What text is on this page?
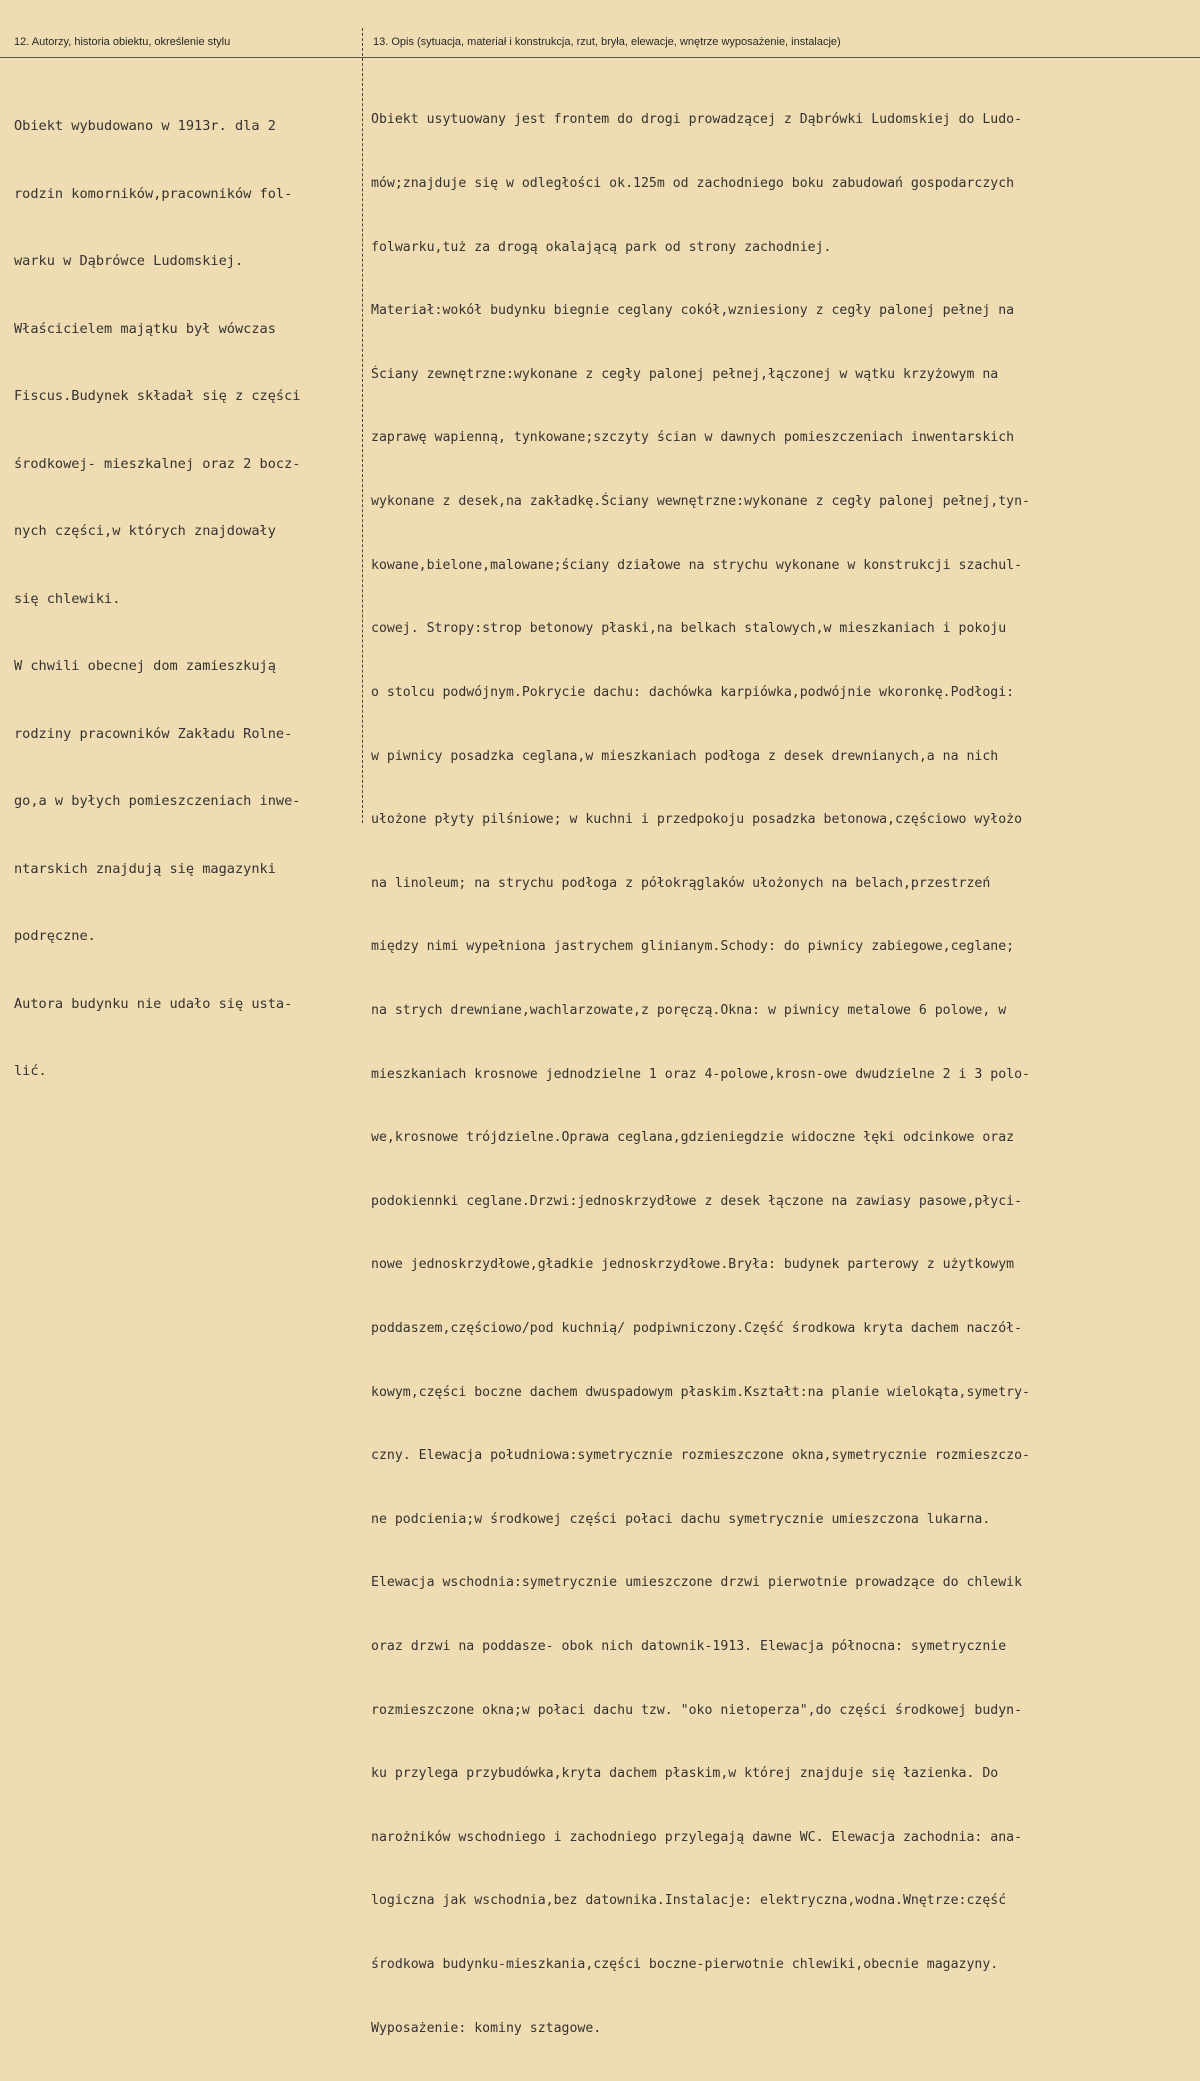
12. Autorzy, historia obiektu, określenie stylu	13. Opis (sytuacja, materiał i konstrukcja, rzut, bryła, elewacje, wnętrze wyposażenie, instalacje)

Obiekt wybudowano w 1913r. dla 2

rodzin komorników,pracowników fol-

warku w Dąbrówce Ludomskiej.

Właścicielem majątku był wówczas

Fiscus.Budynek składał się z części

środkowej- mieszkalnej oraz 2 bocz-

nych części,w których znajdowały

się chlewiki.

W chwili obecnej dom zamieszkują

rodziny pracowników Zakładu Rolne-

go,a w byłych pomieszczeniach inwe-

ntarskich znajdują się magazynki

podręczne.

Autora budynku nie udało się usta-

lić.

Obiekt usytuowany jest frontem do drogi prowadzącej z Dąbrówki Ludomskiej do Ludo-

mów;znajduje się w odległości ok.125m od zachodniego boku zabudowań gospodarczych

folwarku,tuż za drogą okalającą park od strony zachodniej.

Materiał:wokół budynku biegnie ceglany cokół,wzniesiony z cegły palonej pełnej na

Ściany zewnętrzne:wykonane z cegły palonej pełnej,łączonej w wątku krzyżowym na

zaprawę wapienną, tynkowane;szczyty ścian w dawnych pomieszczeniach inwentarskich

wykonane z desek,na zakładkę.Ściany wewnętrzne:wykonane z cegły palonej pełnej,tyn-

kowane,bielone,malowane;ściany działowe na strychu wykonane w konstrukcji szachul-

cowej. Stropy:strop betonowy płaski,na belkach stalowych,w mieszkaniach i pokoju

o stolcu podwójnym.Pokrycie dachu: dachówka karpiówka,podwójnie wkoronkę.Podłogi:

w piwnicy posadzka ceglana,w mieszkaniach podłoga z desek drewnianych,a na nich

ułożone płyty pilśniowe; w kuchni i przedpokoju posadzka betonowa,częściowo wyłożo

na linoleum; na strychu podłoga z półokrąglaków ułożonych na belach,przestrzeń

między nimi wypełniona jastrychem glinianym.Schody: do piwnicy zabiegowe,ceglane;

na strych drewniane,wachlarzowate,z poręczą.Okna: w piwnicy metalowe 6 polowe, w

mieszkaniach krosnowe jednodzielne 1 oraz 4-polowe,krosn-owe dwudzielne 2 i 3 polo-

we,krosnowe trójdzielne.Oprawa ceglana,gdzieniegdzie widoczne łęki odcinkowe oraz

podokiennki ceglane.Drzwi:jednoskrzydłowe z desek łączone na zawiasy pasowe,płyci-

nowe jednoskrzydłowe,gładkie jednoskrzydłowe.Bryła: budynek parterowy z użytkowym

poddaszem,częściowo/pod kuchnią/ podpiwniczony.Część środkowa kryta dachem naczół-

kowym,części boczne dachem dwuspadowym płaskim.Kształt:na planie wielokąta,symetry-

czny. Elewacja południowa:symetrycznie rozmieszczone okna,symetrycznie rozmieszczo-

ne podcienia;w środkowej części połaci dachu symetrycznie umieszczona lukarna.

Elewacja wschodnia:symetrycznie umieszczone drzwi pierwotnie prowadzące do chlewik

oraz drzwi na poddasze- obok nich datownik-1913. Elewacja północna: symetrycznie

rozmieszczone okna;w połaci dachu tzw. "oko nietoperza",do części środkowej budyn-

ku przylega przybudówka,kryta dachem płaskim,w której znajduje się łazienka. Do

narożników wschodniego i zachodniego przylegają dawne WC. Elewacja zachodnia: ana-

logiczna jak wschodnia,bez datownika.Instalacje: elektryczna,wodna.Wnętrze:część

środkowa budynku-mieszkania,części boczne-pierwotnie chlewiki,obecnie magazyny.

Wyposażenie: kominy sztagowe.
